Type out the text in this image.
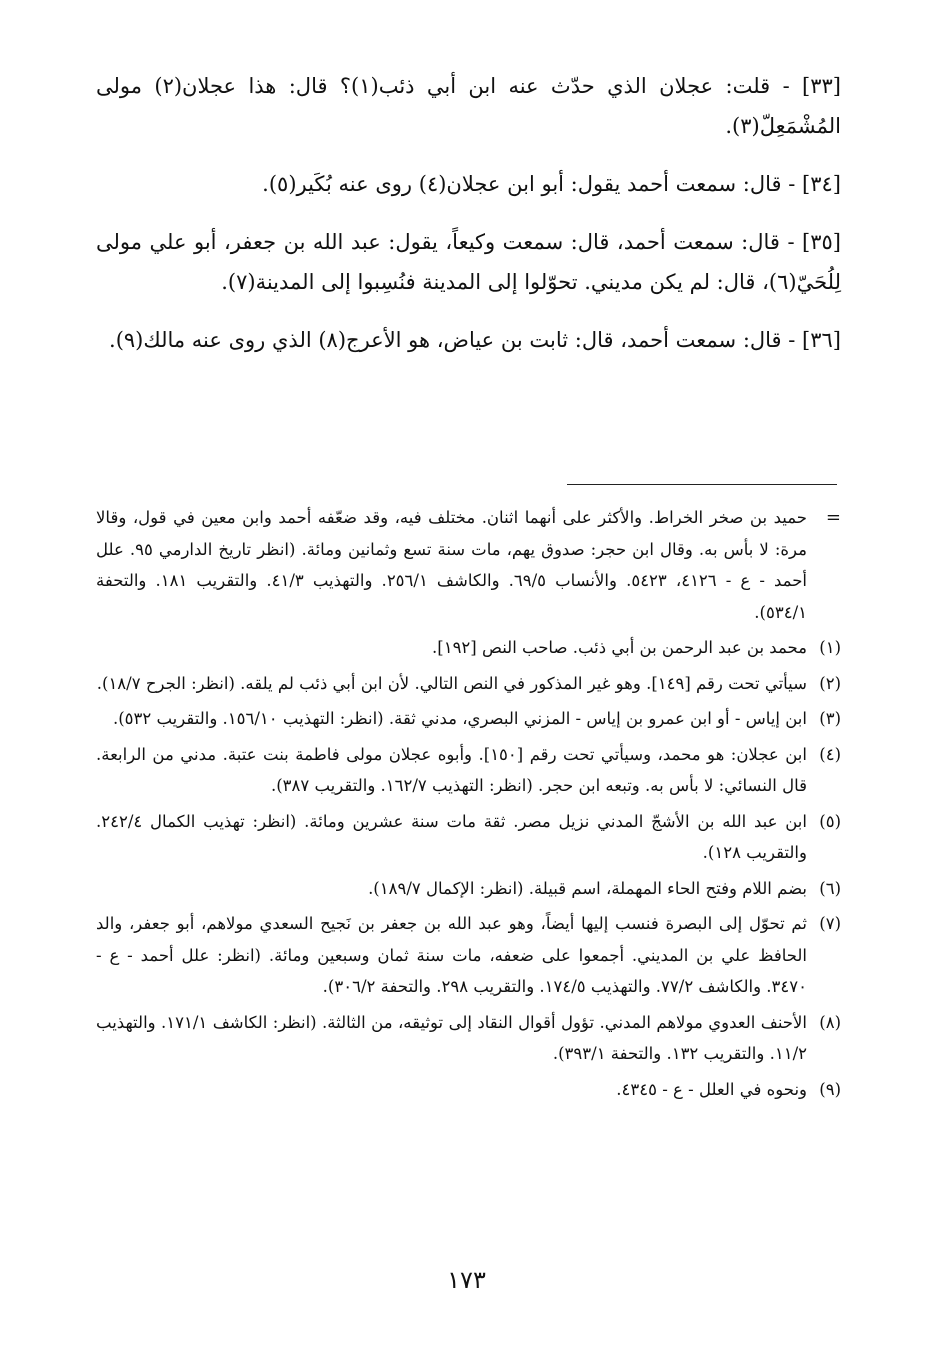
[٣٣] - قلت: عجلان الذي حدّث عنه ابن أبي ذئب(١)؟ قال: هذا عجلان(٢) مولى المُشْمَعِلّ(٣).

[٣٤] - قال: سمعت أحمد يقول: أبو ابن عجلان(٤) روى عنه بُكَير(٥).

[٣٥] - قال: سمعت أحمد، قال: سمعت وكيعاً، يقول: عبد الله بن جعفر، أبو علي مولى لِلُحَيّ(٦)، قال: لم يكن مديني. تحوّلوا إلى المدينة فنُسِبوا إلى المدينة(٧).

[٣٦] - قال: سمعت أحمد، قال: ثابت بن عياض، هو الأعرج(٨) الذي روى عنه مالك(٩).

=
حميد بن صخر الخراط. والأكثر على أنهما اثنان. مختلف فيه، وقد ضعّفه أحمد وابن معين في قول، وقالا مرة: لا بأس به. وقال ابن حجر: صدوق يهم، مات سنة تسع وثمانين ومائة. (انظر تاريخ الدارمي ٩٥. علل أحمد - ع - ٤١٢٦، ٥٤٢٣. والأنساب ٦٩/٥. والكاشف ٢٥٦/١. والتهذيب ٤١/٣. والتقريب ١٨١. والتحفة ٥٣٤/١).
(١)
محمد بن عبد الرحمن بن أبي ذئب. صاحب النص [١٩٢].
(٢)
سيأتي تحت رقم [١٤٩]. وهو غير المذكور في النص التالي. لأن ابن أبي ذئب لم يلقه. (انظر: الجرح ١٨/٧).
(٣)
ابن إياس - أو ابن عمرو بن إياس - المزني البصري، مدني ثقة. (انظر: التهذيب ١٥٦/١٠. والتقريب ٥٣٢).
(٤)
ابن عجلان: هو محمد، وسيأتي تحت رقم [١٥٠]. وأبوه عجلان مولى فاطمة بنت عتبة. مدني من الرابعة. قال النسائي: لا بأس به. وتبعه ابن حجر. (انظر: التهذيب ١٦٢/٧. والتقريب ٣٨٧).
(٥)
ابن عبد الله بن الأشجّ المدني نزيل مصر. ثقة مات سنة عشرين ومائة. (انظر: تهذيب الكمال ٢٤٢/٤. والتقريب ١٢٨).
(٦)
بضم اللام وفتح الحاء المهملة، اسم قبيلة. (انظر: الإكمال ١٨٩/٧).
(٧)
ثم تحوّل إلى البصرة فنسب إليها أيضاً، وهو عبد الله بن جعفر بن نَجيح السعدي مولاهم، أبو جعفر، والد الحافظ علي بن المديني. أجمعوا على ضعفه، مات سنة ثمان وسبعين ومائة. (انظر: علل أحمد - ع - ٣٤٧٠. والكاشف ٧٧/٢. والتهذيب ١٧٤/٥. والتقريب ٢٩٨. والتحفة ٣٠٦/٢).
(٨)
الأحنف العدوي مولاهم المدني. تؤول أقوال النقاد إلى توثيقه، من الثالثة. (انظر: الكاشف ١٧١/١. والتهذيب ١١/٢. والتقريب ١٣٢. والتحفة ٣٩٣/١).
(٩)
ونحوه في العلل - ع - ٤٣٤٥.
١٧٣
